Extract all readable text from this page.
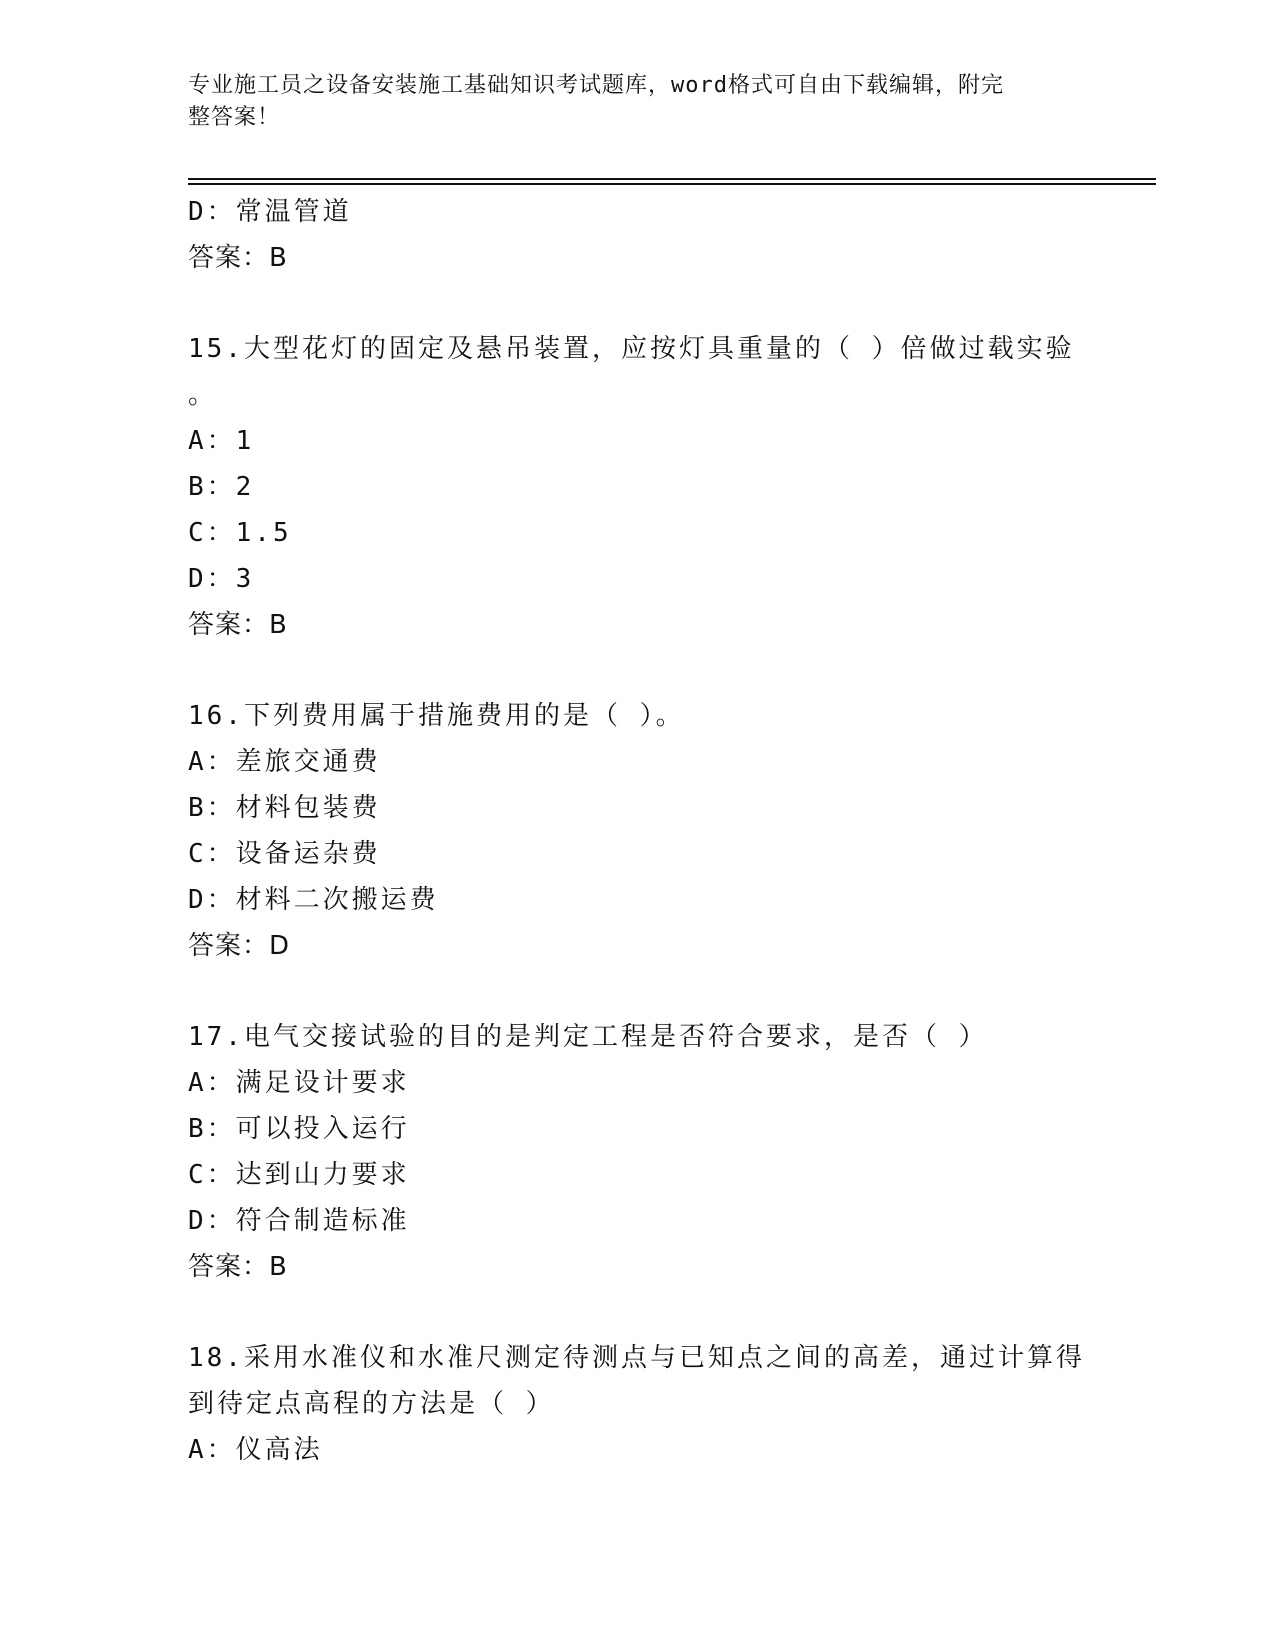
专业施工员之设备安装施工基础知识考试题库，word格式可自由下载编辑，附完
整答案！
D：常温管道
答案：B
15.大型花灯的固定及悬吊装置，应按灯具重量的（ ）倍做过载实验
。
A：1
B：2
C：1.5
D：3
答案：B
16.下列费用属于措施费用的是（ ）。
A：差旅交通费
B：材料包装费
C：设备运杂费
D：材料二次搬运费
答案：D
17.电气交接试验的目的是判定工程是否符合要求，是否（ ）
A：满足设计要求
B：可以投入运行
C：达到山力要求
D：符合制造标准
答案：B
18.采用水准仪和水准尺测定待测点与已知点之间的高差，通过计算得
到待定点高程的方法是（ ）
A：仪高法
